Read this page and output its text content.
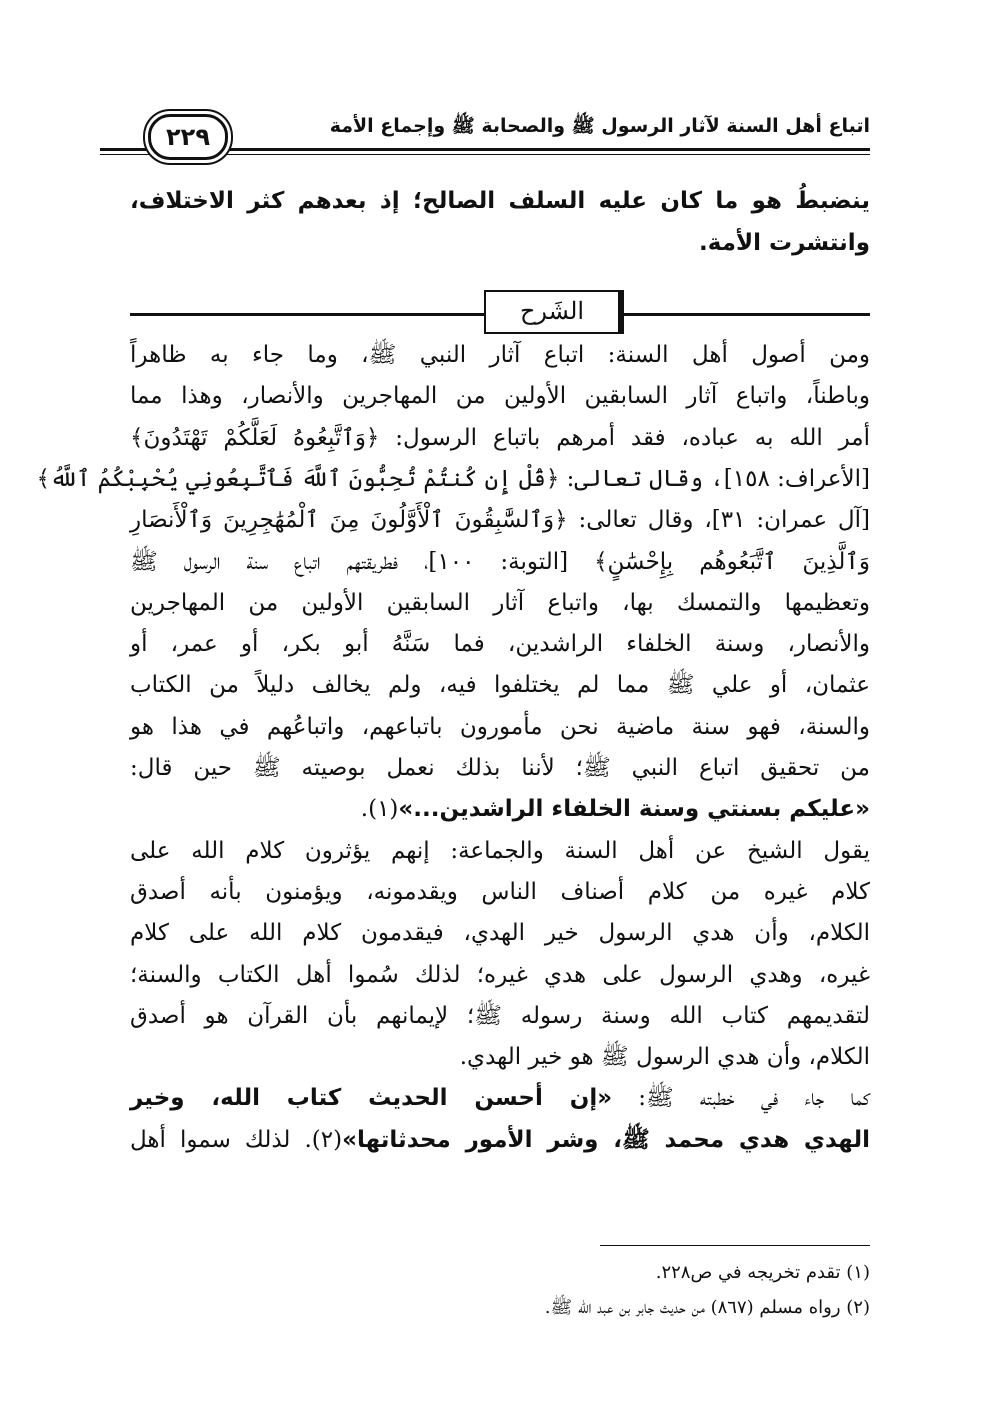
اتباع أهل السنة لآثار الرسول ﷺ والصحابة ﷺ وإجماع الأمة
٢٢٩
ينضبطُ هو ما كان عليه السلف الصالح؛ إذ بعدهم كثر الاختلاف،
وانتشرت الأمة.
الشَرح
ومن أصول أهل السنة: اتباع آثار النبي ﷺ، وما جاء به ظاهراً
وباطناً، واتباع آثار السابقين الأولين من المهاجرين والأنصار، وهذا مما
أمر الله به عباده، فقد أمرهم باتباع الرسول: ﴿وَٱتَّبِعُوهُ لَعَلَّكُمْ تَهْتَدُونَ﴾
[الأعراف: ١٥٨]، وقال تعالى: ﴿قُلْ إِن كُنتُمْ تُحِبُّونَ ٱللَّهَ فَٱتَّبِعُونِي يُحْبِبْكُمُ ٱللَّهُ﴾
[آل عمران: ٣١]، وقال تعالى: ﴿وَٱلسَّٰبِقُونَ ٱلْأَوَّلُونَ مِنَ ٱلْمُهَٰجِرِينَ وَٱلْأَنصَارِ
وَٱلَّذِينَ ٱتَّبَعُوهُم بِإِحْسَٰنٍ﴾ [التوبة: ١٠٠]، فطريقتهم اتباع سنة الرسول ﷺ
وتعظيمها والتمسك بها، واتباع آثار السابقين الأولين من المهاجرين
والأنصار، وسنة الخلفاء الراشدين، فما سَنَّهُ أبو بكر، أو عمر، أو
عثمان، أو علي ﷺ مما لم يختلفوا فيه، ولم يخالف دليلاً من الكتاب
والسنة، فهو سنة ماضية نحن مأمورون باتباعهم، واتباعُهم في هذا هو
من تحقيق اتباع النبي ﷺ؛ لأننا بذلك نعمل بوصيته ﷺ حين قال:
«عليكم بسنتي وسنة الخلفاء الراشدين...»(١).
يقول الشيخ عن أهل السنة والجماعة: إنهم يؤثرون كلام الله على
كلام غيره من كلام أصناف الناس ويقدمونه، ويؤمنون بأنه أصدق
الكلام، وأن هدي الرسول خير الهدي، فيقدمون كلام الله على كلام
غيره، وهدي الرسول على هدي غيره؛ لذلك سُموا أهل الكتاب والسنة؛
لتقديمهم كتاب الله وسنة رسوله ﷺ؛ لإيمانهم بأن القرآن هو أصدق
الكلام، وأن هدي الرسول ﷺ هو خير الهدي.
كما جاء في خطبته ﷺ: «إن أحسن الحديث كتاب الله، وخير
الهدي هدي محمد ﷺ، وشر الأمور محدثاتها»(٢). لذلك سموا أهل
(١) تقدم تخريجه في ص٢٢٨.
(٢) رواه مسلم (٨٦٧) من حديث جابر بن عبد الله ﷺ.
